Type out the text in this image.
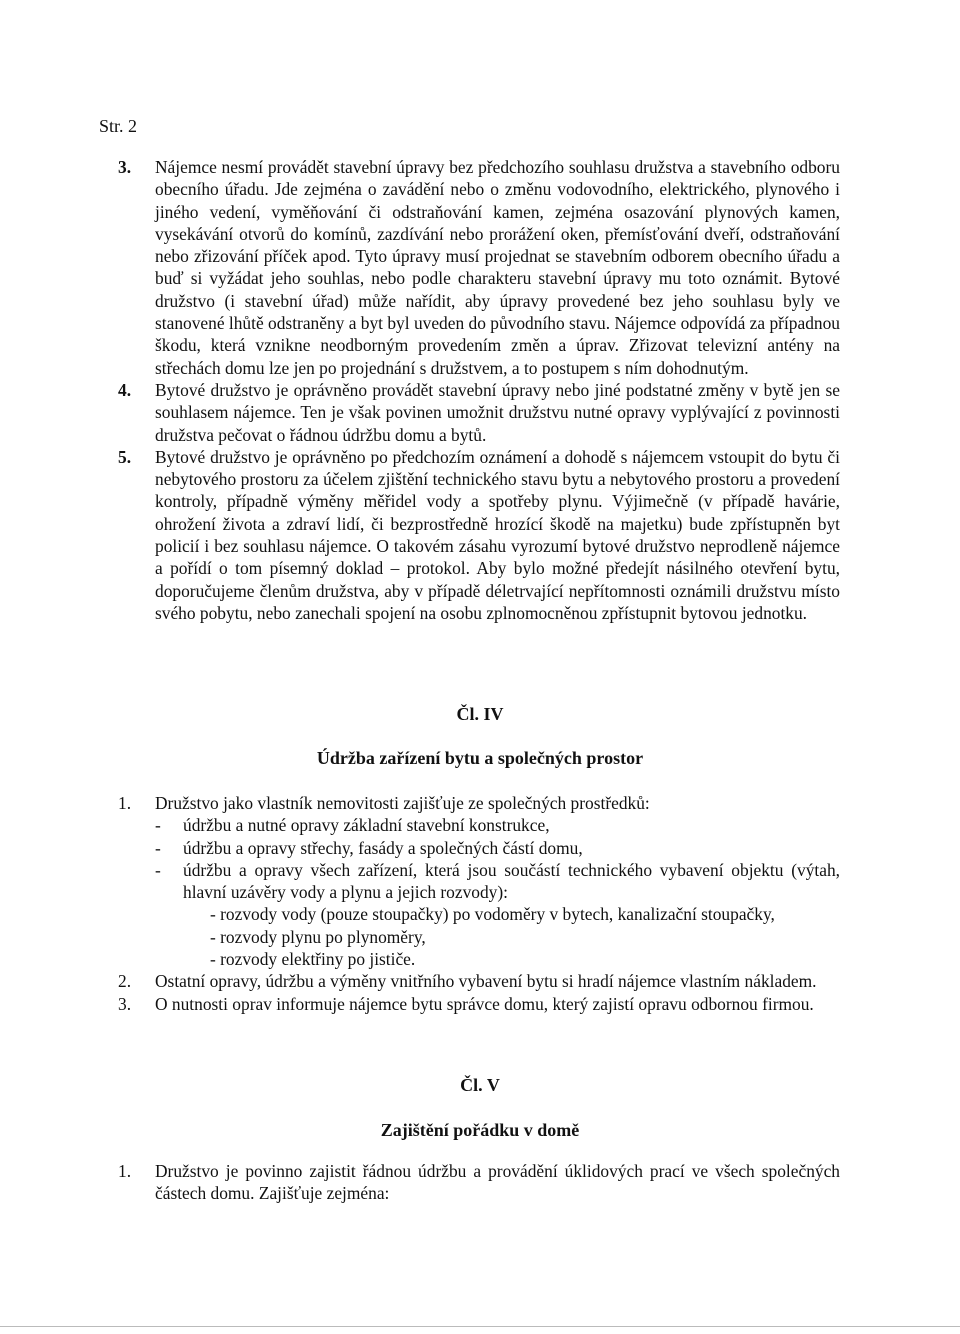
Str. 2
3.	Nájemce nesmí provádět stavební úpravy bez předchozího souhlasu družstva a stavebního odboru obecního úřadu. Jde zejména o zavádění nebo o změnu vodovodního, elektrického, plynového i jiného vedení, vyměňování či odstraňování kamen, zejména osazování plynových kamen, vysekávání otvorů do komínů, zazdívání nebo prorážení oken, přemísťování dveří, odstraňování nebo zřizování příček apod. Tyto úpravy musí projednat se stavebním odborem obecního úřadu a buď si vyžádat jeho souhlas, nebo podle charakteru stavební úpravy mu toto oznámit. Bytové družstvo (i stavební úřad) může nařídit, aby úpravy provedené bez jeho souhlasu byly ve stanovené lhůtě odstraněny a byt byl uveden do původního stavu. Nájemce odpovídá za případnou škodu, která vznikne neodborným provedením změn a úprav. Zřizovat televizní antény na střechách domu lze jen po projednání s družstvem, a to postupem s ním dohodnutým.
4.	Bytové družstvo je oprávněno provádět stavební úpravy nebo jiné podstatné změny v bytě jen se souhlasem nájemce. Ten je však povinen umožnit družstvu nutné opravy vyplývající z povinnosti družstva pečovat o řádnou údržbu domu a bytů.
5.	Bytové družstvo je oprávněno po předchozím oznámení a dohodě s nájemcem vstoupit do bytu či nebytového prostoru za účelem zjištění technického stavu bytu a nebytového prostoru a provedení kontroly, případně výměny měřidel vody a spotřeby plynu. Výjimečně (v případě havárie, ohrožení života a zdraví lidí, či bezprostředně hrozící škodě na majetku) bude zpřístupněn byt policií i bez souhlasu nájemce. O takovém zásahu vyrozumí bytové družstvo neprodleně nájemce a pořídí o tom písemný doklad – protokol. Aby bylo možné předejít násilného otevření bytu, doporučujeme členům družstva, aby v případě déletrvající nepřítomnosti oznámili družstvu místo svého pobytu, nebo zanechali spojení na osobu zplnomocněnou zpřístupnit bytovou jednotku.
Čl. IV
Údržba zařízení bytu a společných prostor
1.	Družstvo jako vlastník nemovitosti zajišťuje ze společných prostředků:
-	údržbu a nutné opravy základní stavební konstrukce,
-	údržbu a opravy střechy, fasády a společných částí domu,
-	údržbu a opravy všech zařízení, která jsou součástí technického vybavení objektu (výtah, hlavní uzávěry vody a plynu a jejich rozvody):
- rozvody vody (pouze stoupačky) po vodoměry v bytech, kanalizační stoupačky,
- rozvody plynu po plynoměry,
- rozvody elektřiny po jističe.
2.	Ostatní opravy, údržbu a výměny vnitřního vybavení bytu si hradí nájemce vlastním nákladem.
3.	O nutnosti oprav informuje nájemce bytu správce domu, který zajistí opravu odbornou firmou.
Čl. V
Zajištění pořádku v domě
1.	Družstvo je povinno zajistit řádnou údržbu a provádění úklidových prací ve všech společných částech domu. Zajišťuje zejména:
